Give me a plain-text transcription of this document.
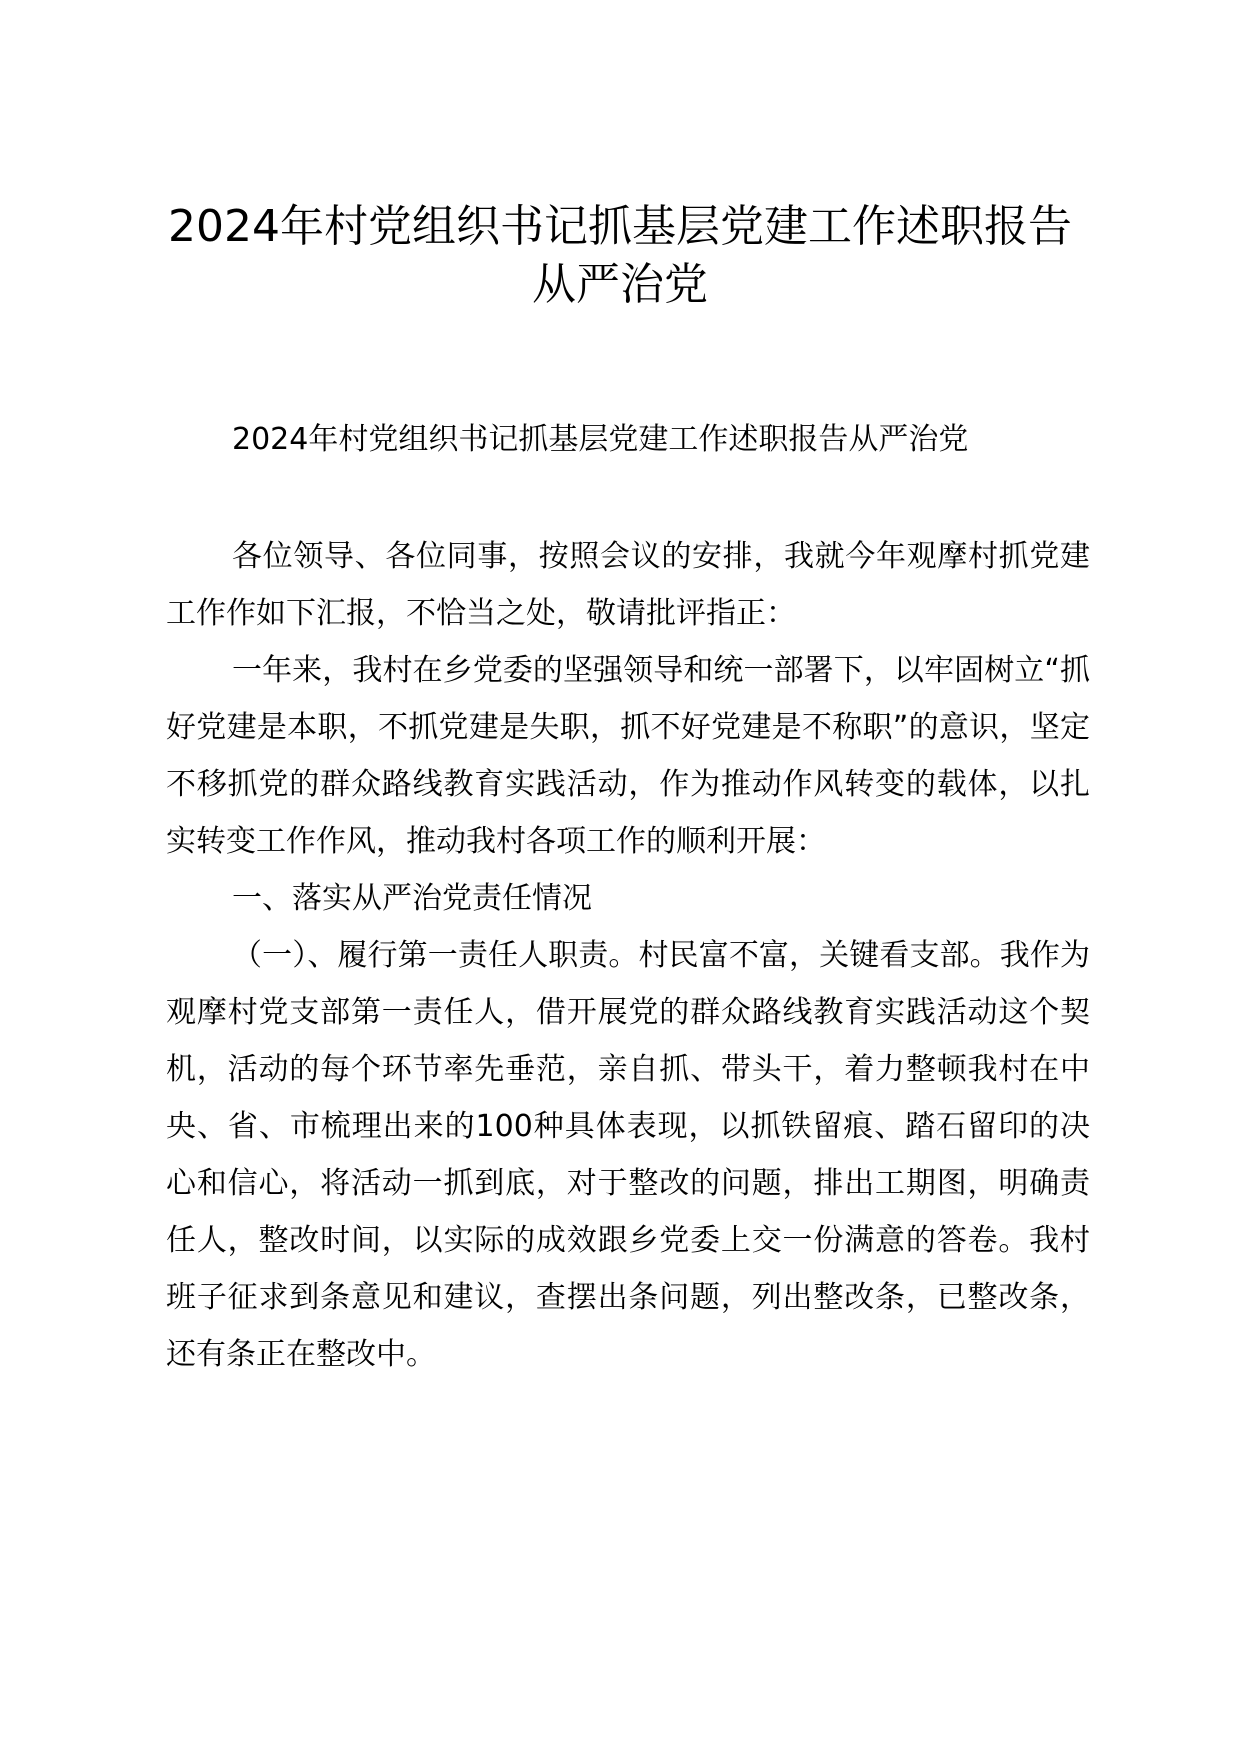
2024年村党组织书记抓基层党建工作述职报告从严治党

2024年村党组织书记抓基层党建工作述职报告从严治党

各位领导、各位同事，按照会议的安排，我就今年观摩村抓党建工作作如下汇报，不恰当之处，敬请批评指正：

一年来，我村在乡党委的坚强领导和统一部署下，以牢固树立“抓好党建是本职，不抓党建是失职，抓不好党建是不称职”的意识，坚定不移抓党的群众路线教育实践活动，作为推动作风转变的载体，以扎实转变工作作风，推动我村各项工作的顺利开展：

一、落实从严治党责任情况

（一）、履行第一责任人职责。村民富不富，关键看支部。我作为观摩村党支部第一责任人，借开展党的群众路线教育实践活动这个契机，活动的每个环节率先垂范，亲自抓、带头干，着力整顿我村在中央、省、市梳理出来的100种具体表现，以抓铁留痕、踏石留印的决心和信心，将活动一抓到底，对于整改的问题，排出工期图，明确责任人，整改时间，以实际的成效跟乡党委上交一份满意的答卷。我村班子征求到条意见和建议，查摆出条问题，列出整改条，已整改条，还有条正在整改中。
